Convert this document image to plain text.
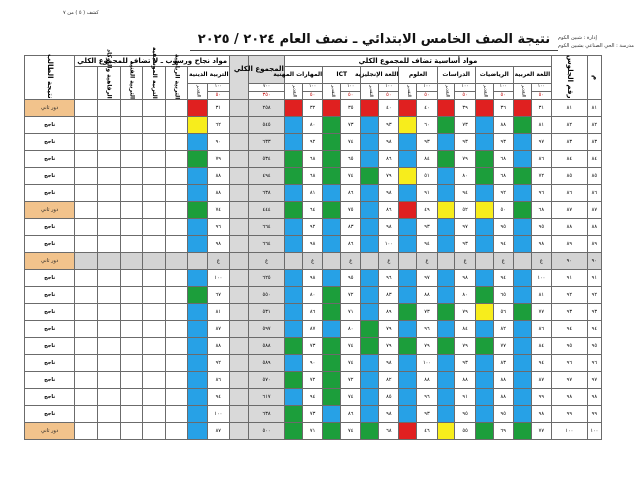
كشف ( ٥ ) من ٧
إدارة : شبين الكوم
مدرسة : الحي الصناعي بشبين الكوم
نتيجة الصف الخامس الابتدائي ـ نصف العام ٢٠٢٤ / ٢٠٢٥
م	رقم الجلوس	مواد أساسية تضاف للمجموع الكلي														المجموع الكلي		مواد نجاح ورسوب ـ لا تضاف للمجموع الكلي							نتيجة الطالب
		اللغة العربية		الرياضيات		الدراسات		العلوم		اللغة الإنجليزية		ICT		المهارات المهنية				التربية الدينية		التربية الرياضية	التربية الموسيقية	التربية الفنية	الرفاهية والتوكاد		
		١٠٠	التقدير	١٠٠	التقدير	١٠٠	التقدير	١٠٠	التقدير	١٠٠	التقدير	١٠٠	التقدير	١٠٠	التقدير	٧٠٠		١٠٠	التقدير						
		٥٠		٥٠		٥٠		٥٠		٥٠		٥٠		٥٠		٣٥٠		٥٠							
٨١	٨١	٣١		٣٦		٣٩		٤٠		٤٠		٣٥		٣٢		٢٥٨		٣١							دور ثاني
٨٢	٨٢	٨١		٨٨		٧٣		٦٠		٩٣		٧٣		٨٠		٥٤٥		٦٢							ناجح
٨٣	٨٣	٩٧		٩٣		٩٣		٩٣		٩٨		٧٤		٩٢		٦٣٣		٩٠							ناجح
٨٤	٨٤	٨٦		٦٨		٧٩		٨٤		٨٦		٦٥		٦٨		٥٣٤		٧٩							ناجح
٨٥	٨٥	٧٢		٦٨		٨٠		٥١		٧٩		٧٤		٦٨		٤٩٤		٨٨							ناجح
٨٦	٨٦	٩٦		٩٢		٩٤		٩١		٩٨		٨٦		٨١		٦٣٨		٨٨							ناجح
٨٧	٨٧	٦٨		٥٠		٥٢		٤٩		٨٦		٧٥		٦٤		٤٤٤		٧٤							دور ثاني
٨٨	٨٨	٩٥		٩٥		٩٧		٩٣		٩٨		٨٣		٩٢		٦٦٤		٩٦							ناجح
٨٩	٨٩	٩٨		٩٤		٩٣		٩٤		١٠٠		٨٦		٩٨		٦٦٤		٩٨							ناجح
٩٠	٩٠	غ		غ		غ		غ		غ		غ		غ		غ		غ							دور ثاني
٩١	٩١	١٠٠		٩٤		٩٨		٩٧		٩٦		٩٥		٩٨		٦٢٥		١٠٠							ناجح
٩٢	٩٢	٨١		٦٥		٨٠		٨٨		٨٣		٧٢		٨٠		٥٥٠		٦٧							ناجح
٩٣	٩٣	٧٧		٥٦		٧٩		٧٣		٨٩		٧١		٨٦		٥٣١		٨١							ناجح
٩٤	٩٤	٨٦		٨٢		٨٤		٩٦		٧٩		٨٠		٨٧		٥٩٧		٨٧							ناجح
٩٥	٩٥	٨٤		٧٧		٧٩		٧٩		٧٩		٧٤		٧٣		٥٨٨		٨٨							ناجح
٩٦	٩٦	٩٤		٨٣		٩٣		١٠٠		٩٨		٧٤		٩٠		٥٨٩		٩٢							ناجح
٩٧	٩٧	٨٧		٨٨		٨٨		٨٨		٨٢		٧٢		٧٢		٥٧٠		٨٦							ناجح
٩٨	٩٨	٩٩		٨٨		٩١		٩٦		٨٥		٧٤		٩٤		٦١٧		٩٤							ناجح
٩٩	٩٩	٩٨		٩٥		٩٥		٩٣		٩٨		٨٦		٧٣		٦٣٨		١٠٠							ناجح
١٠٠	١٠٠	٧٧		٦٩		٥٥		٤٦		٦٨		٧٤		٧١		٥٠٠		٨٧							دور ثاني
